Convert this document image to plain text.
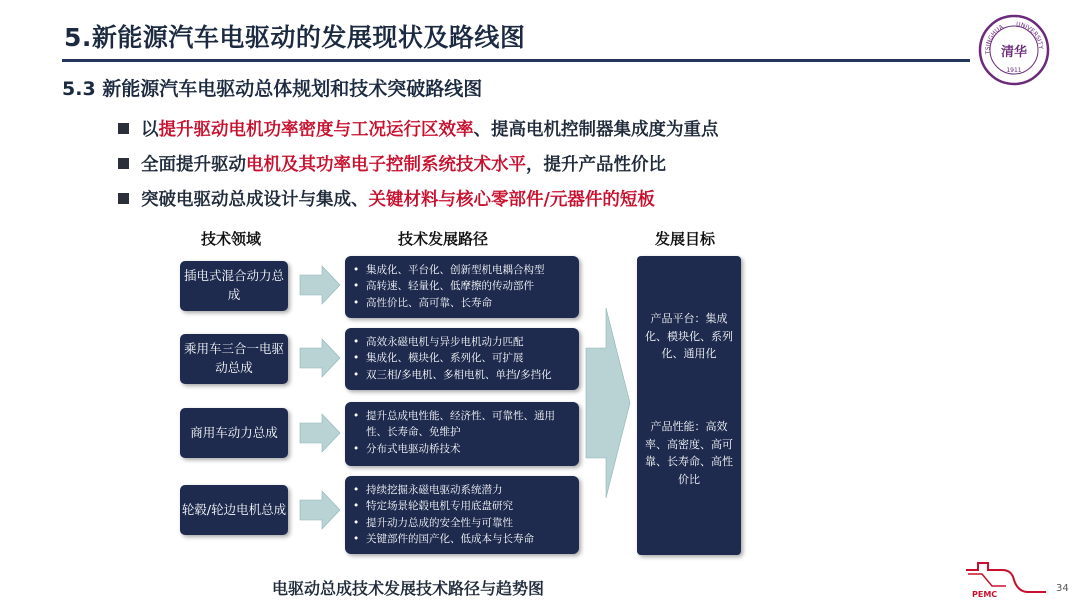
5.新能源汽车电驱动的发展现状及路线图
TSINGHUA UNIVERSITY
清华
1911
5.3 新能源汽车电驱动总体规划和技术突破路线图
以提升驱动电机功率密度与工况运行区效率、提高电机控制器集成度为重点
全面提升驱动电机及其功率电子控制系统技术水平，提升产品性价比
突破电驱动总成设计与集成、关键材料与核心零部件/元器件的短板
技术领域	技术发展路径	发展目标
插电式混合动力总成
乘用车三合一电驱动总成
商用车动力总成
轮毂/轮边电机总成
• 集成化、平台化、创新型机电耦合构型
• 高转速、轻量化、低摩擦的传动部件
• 高性价比、高可靠、长寿命
• 高效永磁电机与异步电机动力匹配
• 集成化、模块化、系列化、可扩展
• 双三相/多电机、多相电机、单挡/多挡化
• 提升总成电性能、经济性、可靠性、通用性、长寿命、免维护
• 分布式电驱动桥技术
• 持续挖掘永磁电驱动系统潜力
• 特定场景轮毂电机专用底盘研究
• 提升动力总成的安全性与可靠性
• 关键部件的国产化、低成本与长寿命
产品平台：集成化、模块化、系列化、通用化
产品性能：高效率、高密度、高可靠、长寿命、高性价比
电驱动总成技术发展技术路径与趋势图	PEMC
34
